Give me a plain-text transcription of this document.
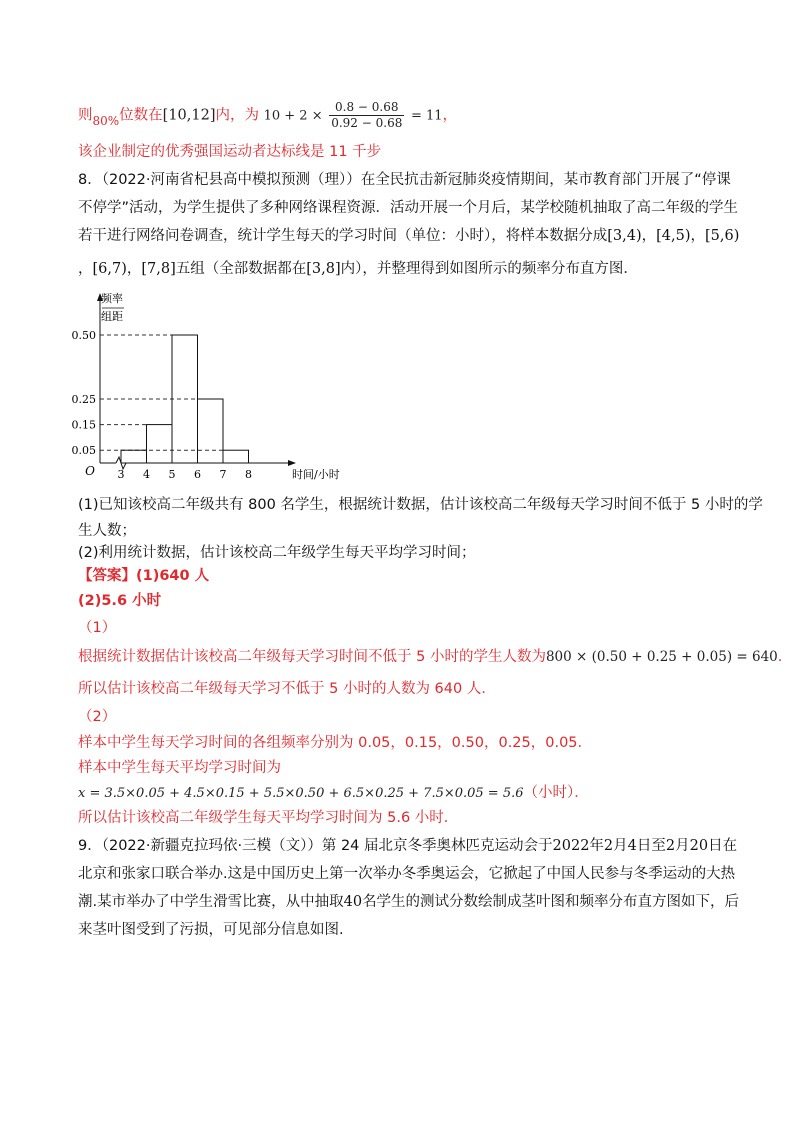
则$_{80\%}$位数在[10,12]内，为 $10 + 2 \times \frac{0.8 - 0.68}{0.92 - 0.68} = 11$，
该企业制定的优秀强国运动者达标线是 11 千步
8．（2022·河南省杞县高中模拟预测（理））在全民抗击新冠肺炎疫情期间，某市教育部门开展了“停课
不停学”活动，为学生提供了多种网络课程资源．活动开展一个月后，某学校随机抽取了高二年级的学生
若干进行网络问卷调查，统计学生每天的学习时间（单位：小时），将样本数据分成[3,4)，[4,5)，[5,6)
，[6,7)，[7,8]五组（全部数据都在[3,8]内），并整理得到如图所示的频率分布直方图．
频率
组距
时间/小时
O
0.05
0.15
0.25
0.50
3 4 5 6 7 8
(1)已知该校高二年级共有 800 名学生，根据统计数据，估计该校高二年级每天学习时间不低于 5 小时的学
生人数；
(2)利用统计数据，估计该校高二年级学生每天平均学习时间；
【答案】(1)640 人
(2)5.6 小时
（1）
根据统计数据估计该校高二年级每天学习时间不低于 5 小时的学生人数为800 × (0.50 + 0.25 + 0.05) = 640.
所以估计该校高二年级每天学习不低于 5 小时的人数为 640 人．
（2）
样本中学生每天学习时间的各组频率分别为 0.05，0.15，0.50，0.25，0.05．
样本中学生每天平均学习时间为
x = 3.5×0.05 + 4.5×0.15 + 5.5×0.50 + 6.5×0.25 + 7.5×0.05 = 5.6（小时）．
所以估计该校高二年级学生每天平均学习时间为 5.6 小时．
9．（2022·新疆克拉玛依·三模（文））第 24 届北京冬季奥林匹克运动会于2022年2月4日至2月20日在
北京和张家口联合举办.这是中国历史上第一次举办冬季奥运会，它掀起了中国人民参与冬季运动的大热
潮.某市举办了中学生滑雪比赛，从中抽取40名学生的测试分数绘制成茎叶图和频率分布直方图如下，后
来茎叶图受到了污损，可见部分信息如图.
